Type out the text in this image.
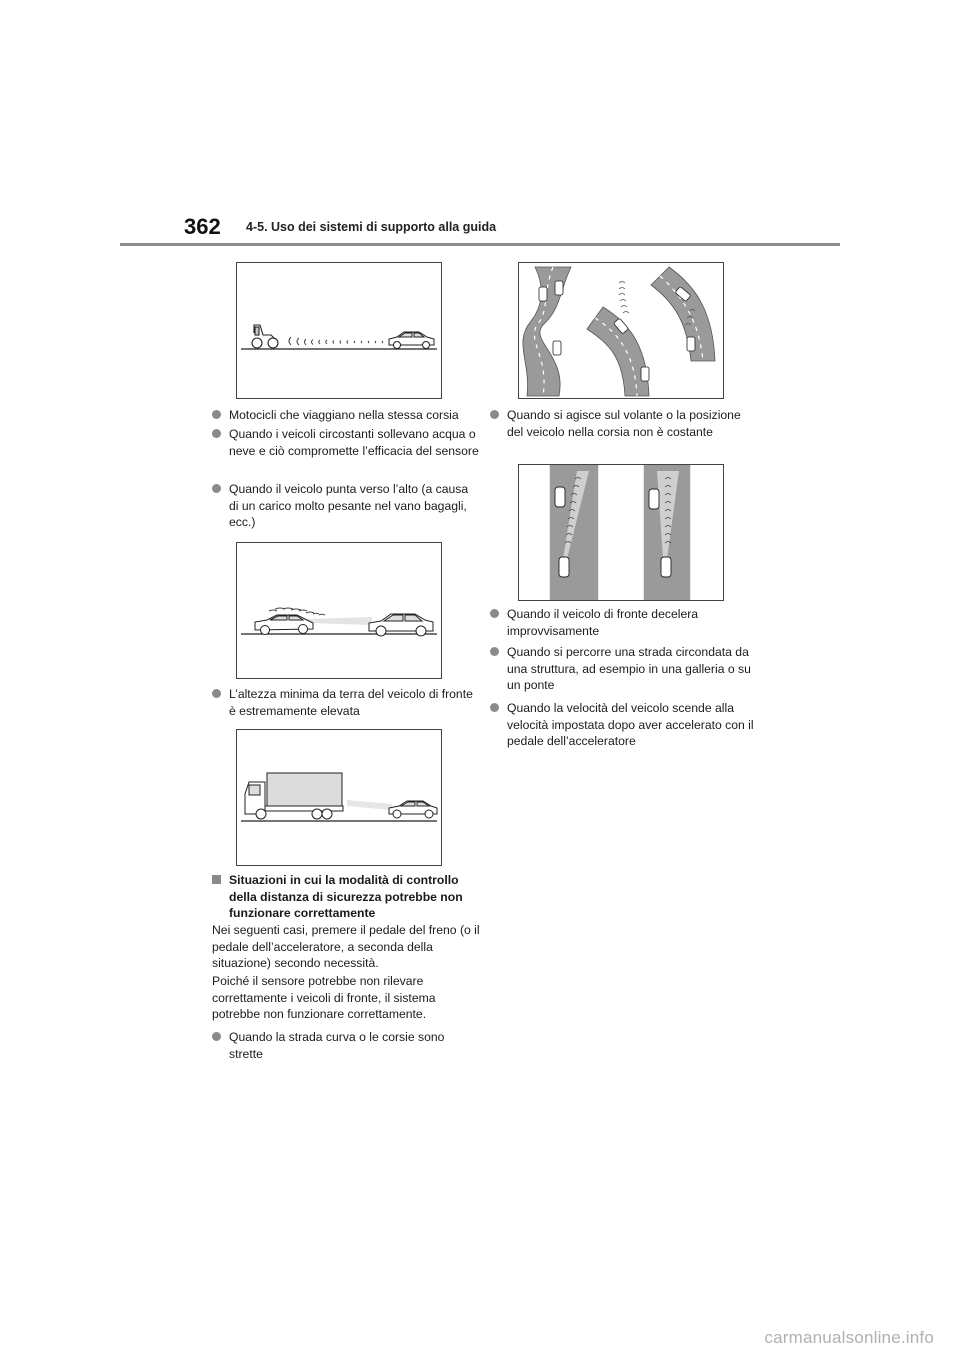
362 4-5. Uso dei sistemi di supporto alla guida
Motocicli che viaggiano nella stessa corsia
Quando i veicoli circostanti sollevano acqua o neve e ciò compromette l’efficacia del sensore
Quando il veicolo punta verso l’alto (a causa di un carico molto pesante nel vano bagagli, ecc.)
L’altezza minima da terra del veicolo di fronte è estremamente elevata
Situazioni in cui la modalità di controllo della distanza di sicurezza potrebbe non funzionare correttamente
Nei seguenti casi, premere il pedale del freno (o il pedale dell’acceleratore, a seconda della situazione) secondo necessità.
Poiché il sensore potrebbe non rilevare correttamente i veicoli di fronte, il sistema potrebbe non funzionare correttamente.
Quando la strada curva o le corsie sono strette
Quando si agisce sul volante o la posizione del veicolo nella corsia non è costante
Quando il veicolo di fronte decelera improvvisamente
Quando si percorre una strada circondata da una struttura, ad esempio in una galleria o su un ponte
Quando la velocità del veicolo scende alla velocità impostata dopo aver accelerato con il pedale dell’acceleratore
carmanualsonline.info
